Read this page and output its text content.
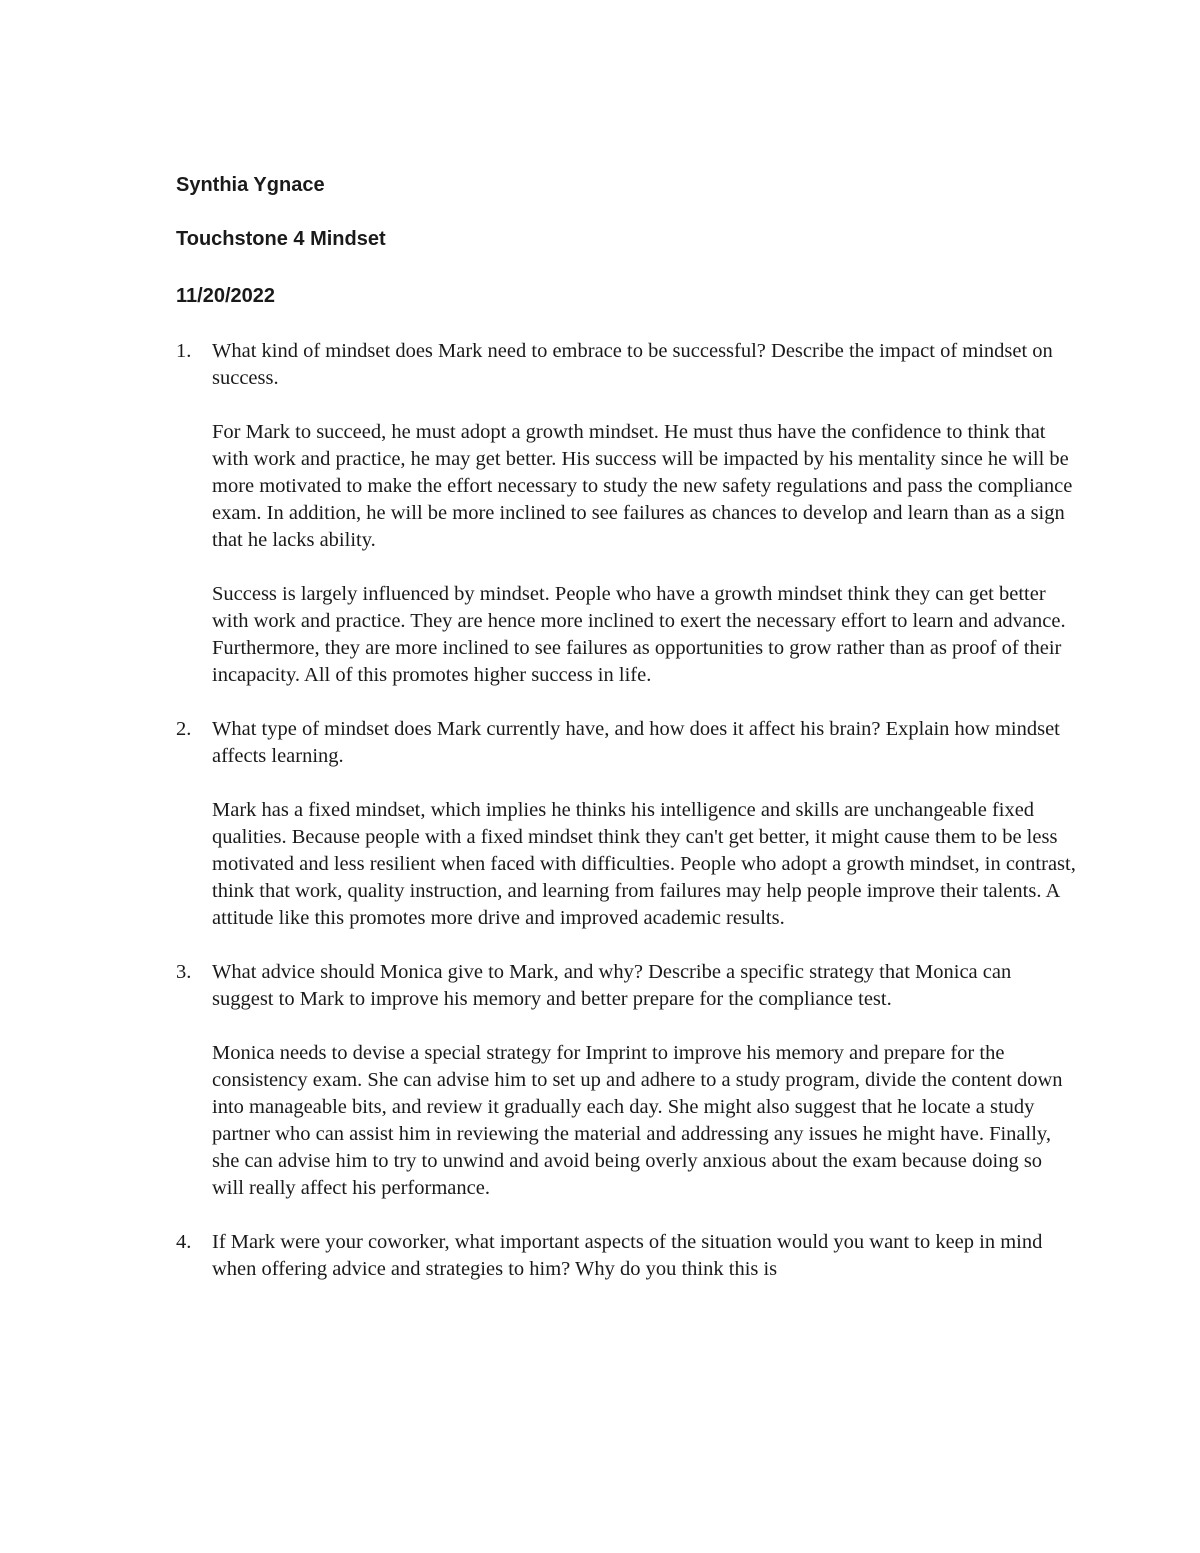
Synthia Ygnace

Touchstone 4 Mindset

11/20/2022

1. What kind of mindset does Mark need to embrace to be successful? Describe the impact of mindset on success.

For Mark to succeed, he must adopt a growth mindset. He must thus have the confidence to think that with work and practice, he may get better. His success will be impacted by his mentality since he will be more motivated to make the effort necessary to study the new safety regulations and pass the compliance exam. In addition, he will be more inclined to see failures as chances to develop and learn than as a sign that he lacks ability.

Success is largely influenced by mindset. People who have a growth mindset think they can get better with work and practice. They are hence more inclined to exert the necessary effort to learn and advance. Furthermore, they are more inclined to see failures as opportunities to grow rather than as proof of their incapacity. All of this promotes higher success in life.

2. What type of mindset does Mark currently have, and how does it affect his brain? Explain how mindset affects learning.

Mark has a fixed mindset, which implies he thinks his intelligence and skills are unchangeable fixed qualities. Because people with a fixed mindset think they can't get better, it might cause them to be less motivated and less resilient when faced with difficulties. People who adopt a growth mindset, in contrast, think that work, quality instruction, and learning from failures may help people improve their talents. A attitude like this promotes more drive and improved academic results.

3. What advice should Monica give to Mark, and why? Describe a specific strategy that Monica can suggest to Mark to improve his memory and better prepare for the compliance test.

Monica needs to devise a special strategy for Imprint to improve his memory and prepare for the consistency exam. She can advise him to set up and adhere to a study program, divide the content down into manageable bits, and review it gradually each day. She might also suggest that he locate a study partner who can assist him in reviewing the material and addressing any issues he might have. Finally, she can advise him to try to unwind and avoid being overly anxious about the exam because doing so will really affect his performance.

4. If Mark were your coworker, what important aspects of the situation would you want to keep in mind when offering advice and strategies to him? Why do you think this is
